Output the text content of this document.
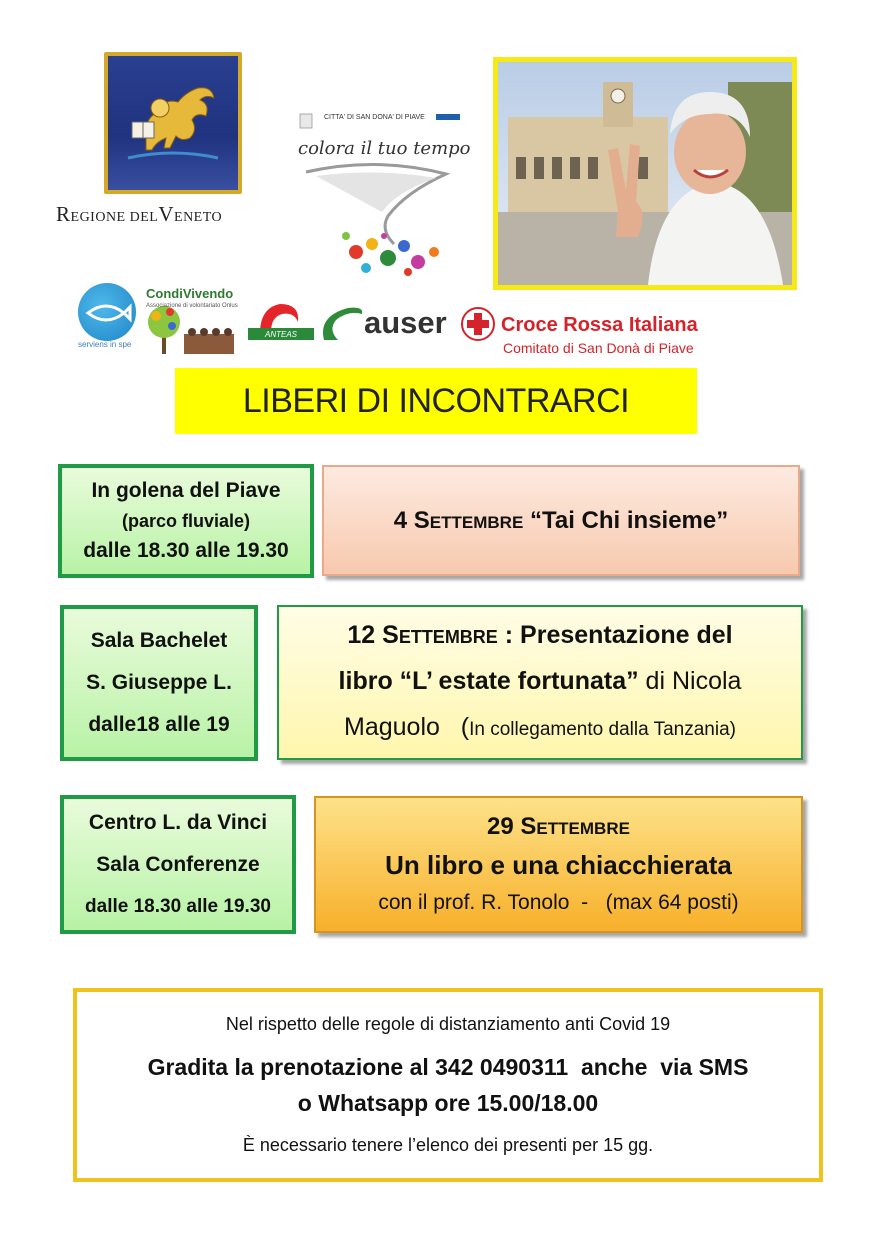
REGIONE DELVENETO
CITTA' DI SAN DONA' DI PIAVE
colora il tuo tempo
serviens in spe
CondiVivendo
Associazione di volontariato Onlus
ANTEAS auser	Croce Rossa Italiana
Comitato di San Donà di Piave
LIBERI DI INCONTRARCI
In golena del Piave
(parco fluviale)
dalle 18.30 alle 19.30
4 Settembre “Tai Chi insieme”
Sala Bachelet
S. Giuseppe L.
dalle18 alle 19
12 Settembre : Presentazione del
libro “L’ estate fortunata” di Nicola
Maguolo   (In collegamento dalla Tanzania)
Centro L. da Vinci
Sala Conferenze
dalle 18.30 alle 19.30
29 Settembre
Un libro e una chiacchierata
con il prof. R. Tonolo  -   (max 64 posti)
Nel rispetto delle regole di distanziamento anti Covid 19
Gradita la prenotazione al 342 0490311  anche  via SMS
o Whatsapp ore 15.00/18.00
È necessario tenere l’elenco dei presenti per 15 gg.
